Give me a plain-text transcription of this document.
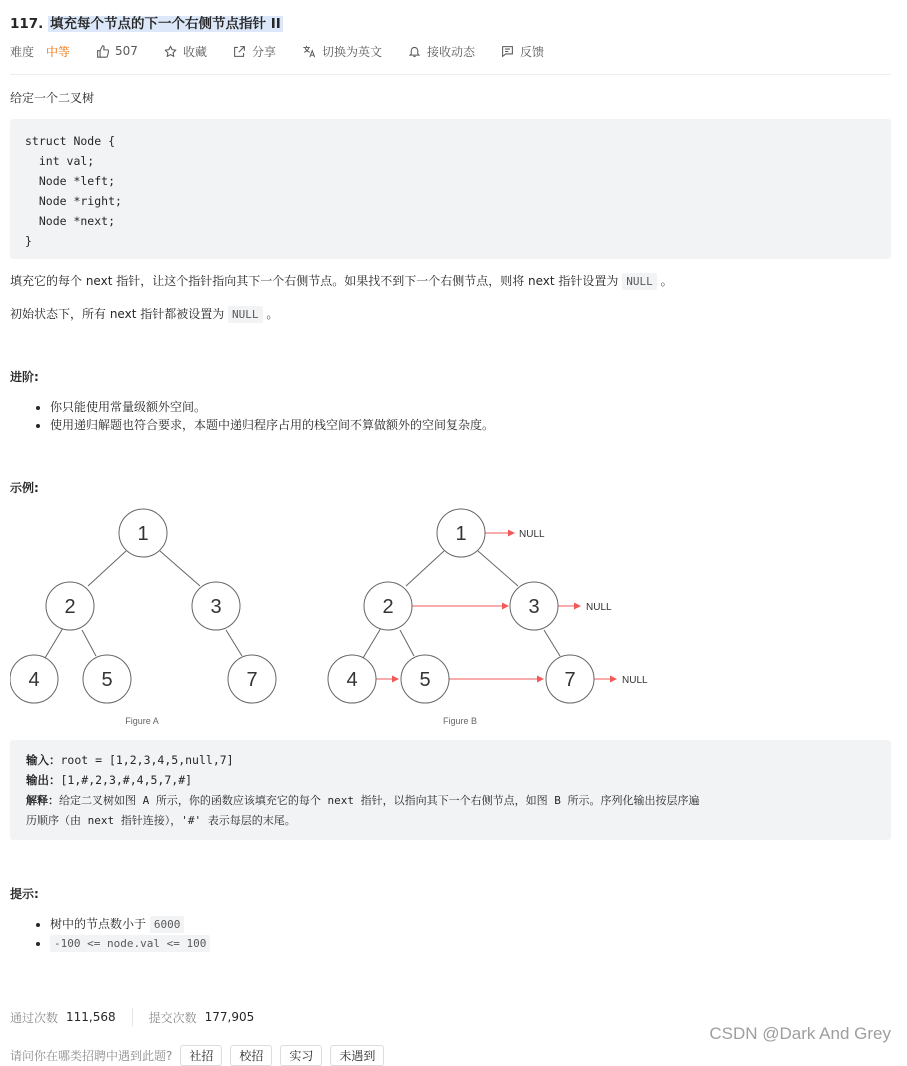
117. 填充每个节点的下一个右侧节点指针 II
难度 中等	507	收藏	分享	切换为英文	接收动态	反馈
给定一个二叉树
struct Node {
int val;
Node *left;
Node *right;
Node *next;
}
填充它的每个 next 指针，让这个指针指向其下一个右侧节点。如果找不到下一个右侧节点，则将 next 指针设置为 NULL 。
初始状态下，所有 next 指针都被设置为 NULL 。
进阶:
• 你只能使用常量级额外空间。
• 使用递归解题也符合要求，本题中递归程序占用的栈空间不算做额外的空间复杂度。
示例:
1
2	3
4	5	7
Figure A
1
2	3
4	5	7
NULL
NULL
NULL
Figure B
输入：root = [1,2,3,4,5,null,7]
输出：[1,#,2,3,#,4,5,7,#]
解释：给定二叉树如图 A 所示，你的函数应该填充它的每个 next 指针，以指向其下一个右侧节点，如图 B 所示。序列化输出按层序遍
历顺序（由 next 指针连接），'#' 表示每层的末尾。
提示:
• 树中的节点数小于 6000
• -100 <= node.val <= 100
通过次数 111,568	提交次数 177,905
请问你在哪类招聘中遇到此题?	社招	校招	实习	未遇到
CSDN @Dark And Grey
